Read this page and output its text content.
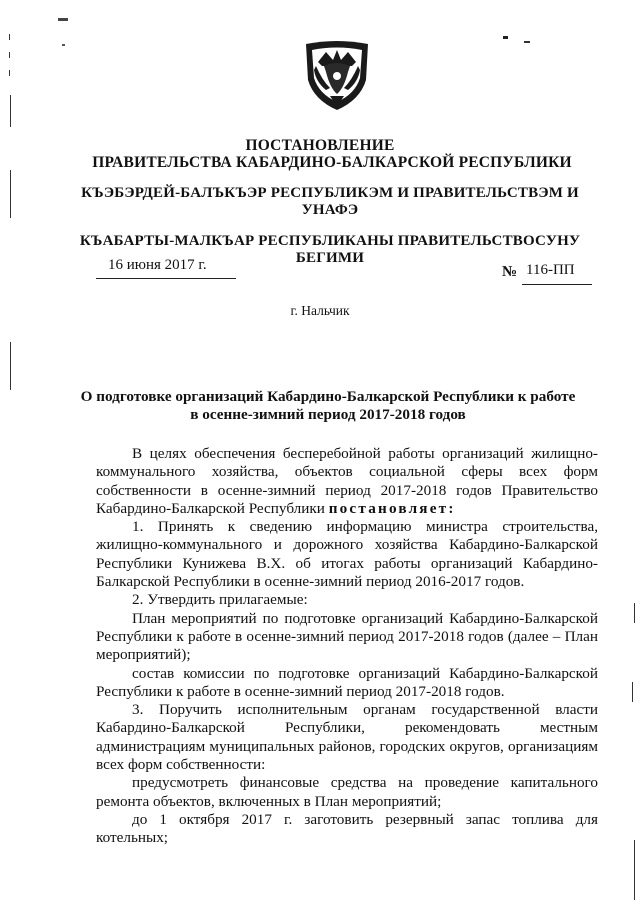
ПОСТАНОВЛЕНИЕ
ПРАВИТЕЛЬСТВА КАБАРДИНО-БАЛКАРСКОЙ РЕСПУБЛИКИ
КЪЭБЭРДЕЙ-БАЛЪКЪЭР РЕСПУБЛИКЭМ И ПРАВИТЕЛЬСТВЭМ И
УНАФЭ
КЪАБАРТЫ-МАЛКЪАР РЕСПУБЛИКАНЫ ПРАВИТЕЛЬСТВОСУНУ
БЕГИМИ
16 июня 2017 г.	№ 116-ПП
г. Нальчик
О подготовке организаций Кабардино-Балкарской Республики к работе
в осенне-зимний период 2017-2018 годов

В целях обеспечения бесперебойной работы организаций жилищно-коммунального хозяйства, объектов социальной сферы всех форм собственности в осенне-зимний период 2017-2018 годов Правительство Кабардино-Балкарской Республики постановляет:

1. Принять к сведению информацию министра строительства, жилищно-коммунального и дорожного хозяйства Кабардино-Балкарской Республики Кунижева В.Х. об итогах работы организаций Кабардино-Балкарской Республики в осенне-зимний период 2016-2017 годов.

2. Утвердить прилагаемые:

План мероприятий по подготовке организаций Кабардино-Балкарской Республики к работе в осенне-зимний период 2017-2018 годов (далее – План мероприятий);

состав комиссии по подготовке организаций Кабардино-Балкарской Республики к работе в осенне-зимний период 2017-2018 годов.

3. Поручить исполнительным органам государственной власти Кабардино-Балкарской Республики, рекомендовать местным администрациям муниципальных районов, городских округов, организациям всех форм собственности:

предусмотреть финансовые средства на проведение капитального ремонта объектов, включенных в План мероприятий;

до 1 октября 2017 г. заготовить резервный запас топлива для котельных;
